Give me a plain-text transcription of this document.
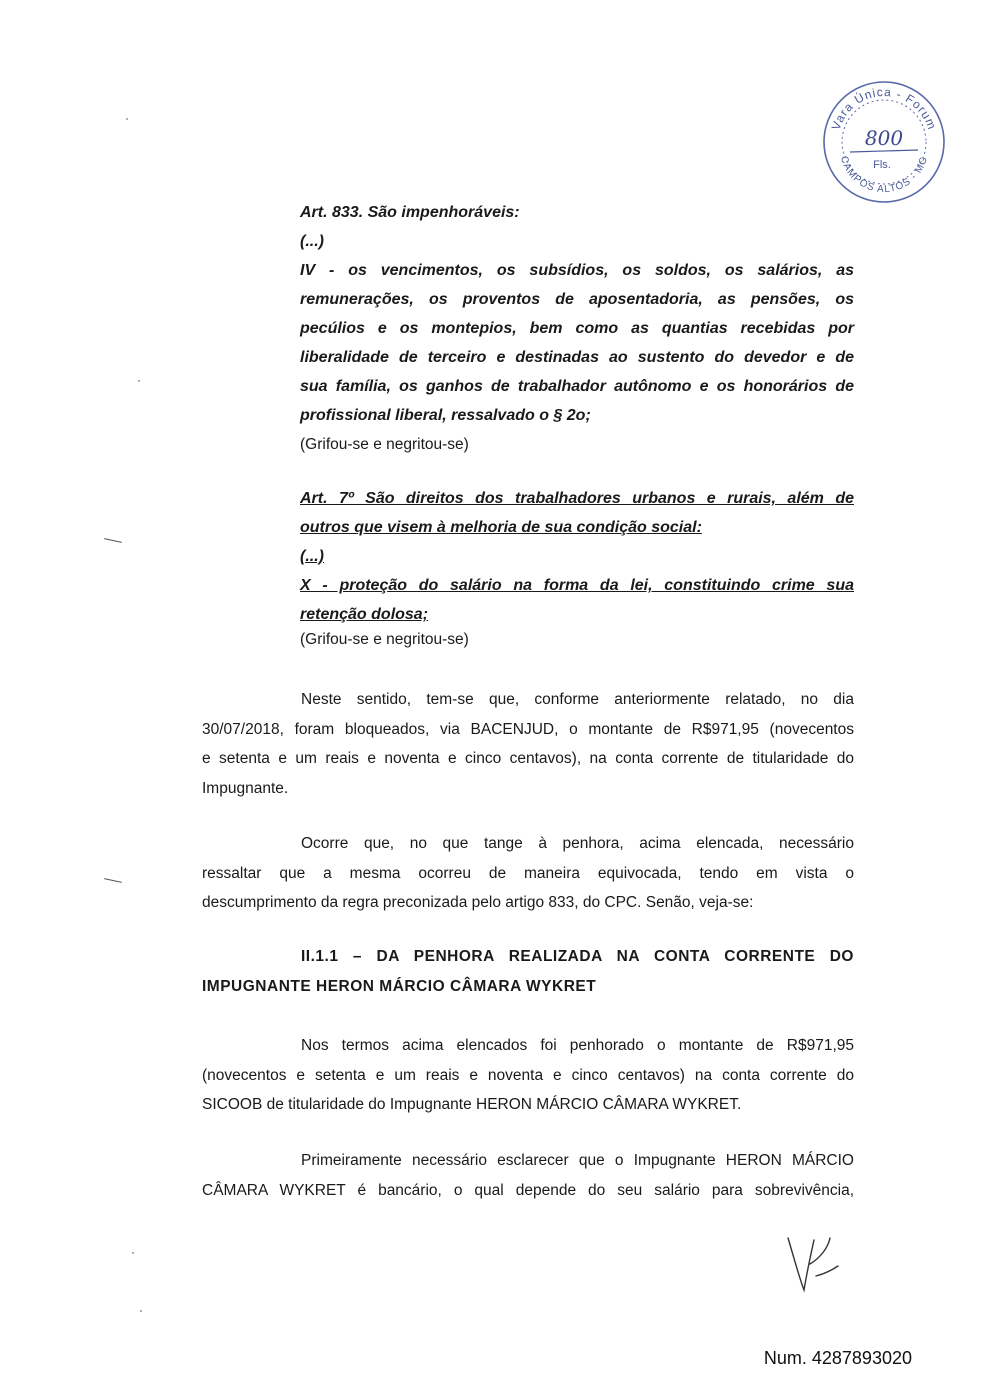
Vara Única - Forum
CAMPOS ALTOS - MG
800
Fls.
Art. 833. São impenhoráveis:
(...)
IV - os vencimentos, os subsídios, os soldos, os salários, as
remunerações, os proventos de aposentadoria, as pensões, os
pecúlios e os montepios, bem como as quantias recebidas por
liberalidade de terceiro e destinadas ao sustento do devedor e de
sua família, os ganhos de trabalhador autônomo e os honorários de
profissional liberal, ressalvado o § 2o;
(Grifou-se e negritou-se)
Art. 7º São direitos dos trabalhadores urbanos e rurais, além de
outros que visem à melhoria de sua condição social:
(...)
X - proteção do salário na forma da lei, constituindo crime sua
retenção dolosa;
(Grifou-se e negritou-se)
Neste sentido, tem-se que, conforme anteriormente relatado, no dia
30/07/2018, foram bloqueados, via BACENJUD, o montante de R$971,95 (novecentos
e setenta e um reais e noventa e cinco centavos), na conta corrente de titularidade do
Impugnante.
Ocorre que, no que tange à penhora, acima elencada, necessário
ressaltar que a mesma ocorreu de maneira equivocada, tendo em vista o
descumprimento da regra preconizada pelo artigo 833, do CPC. Senão, veja-se:
II.1.1 – DA PENHORA REALIZADA NA CONTA CORRENTE DO
IMPUGNANTE HERON MÁRCIO CÂMARA WYKRET
Nos termos acima elencados foi penhorado o montante de R$971,95
(novecentos e setenta e um reais e noventa e cinco centavos) na conta corrente do
SICOOB de titularidade do Impugnante HERON MÁRCIO CÂMARA WYKRET.
Primeiramente necessário esclarecer que o Impugnante HERON MÁRCIO
CÂMARA WYKRET é bancário, o qual depende do seu salário para sobrevivência,
Num. 4287893020
